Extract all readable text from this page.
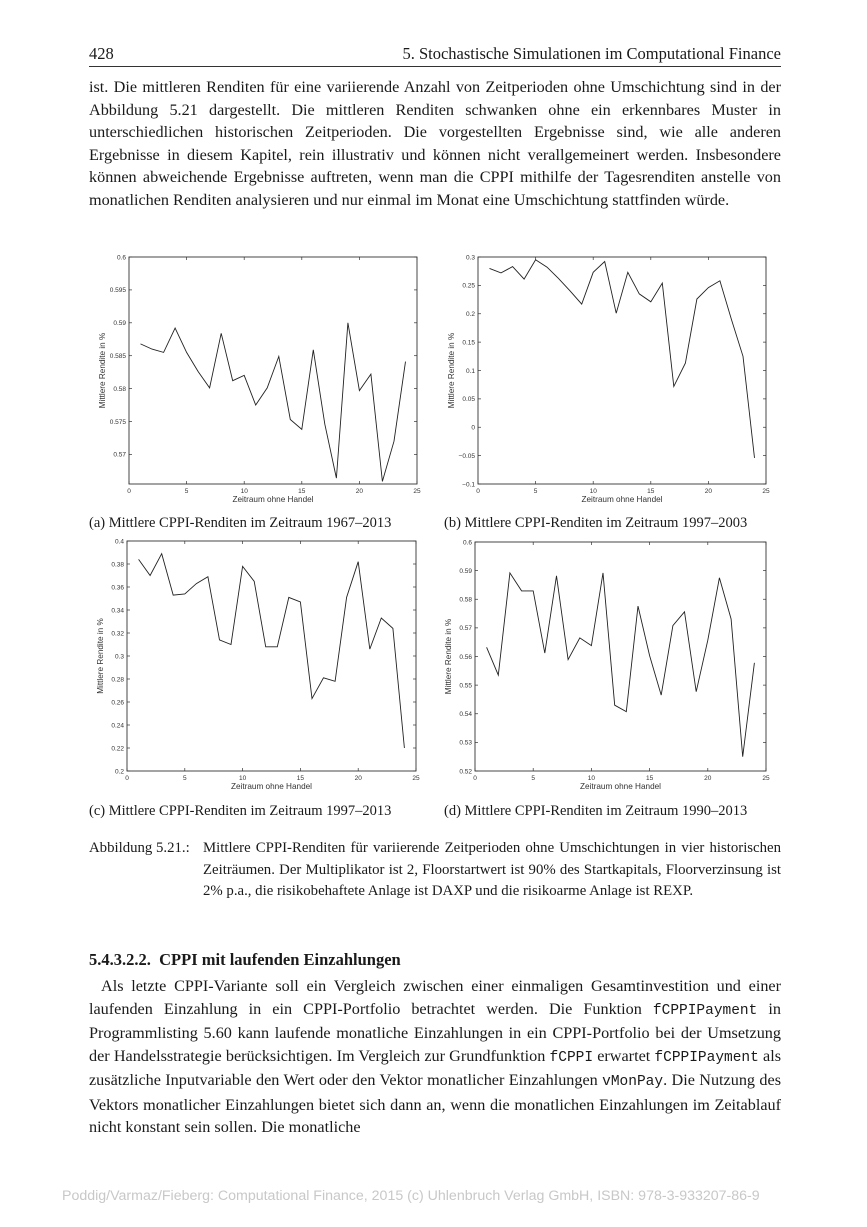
428	5. Stochastische Simulationen im Computational Finance

ist. Die mittleren Renditen für eine variierende Anzahl von Zeitperioden ohne Umschichtung sind in der Abbildung 5.21 dargestellt. Die mittleren Renditen schwanken ohne ein erkennbares Muster in unterschiedlichen historischen Zeitperioden. Die vorgestellten Ergebnisse sind, wie alle anderen Ergebnisse in diesem Kapitel, rein illustrativ und können nicht verallgemeinert werden. Insbesondere können abweichende Ergebnisse auftreten, wenn man die CPPI mithilfe der Tagesrenditen anstelle von monatlichen Renditen analysieren und nur einmal im Monat eine Umschichtung stattfinden würde.

0	5	10	15	20	25
0.57
0.575
0.58
0.585
0.59
0.595
0.6
Zeitraum ohne Handel
Mittlere Rendite in %
0	5	10	15	20	25
−0.1
−0.05
0
0.05
0.1
0.15
0.2
0.25
0.3
Zeitraum ohne Handel
Mittlere Rendite in %
0	5	10	15	20	25
0.2
0.22
0.24
0.26
0.28
0.3
0.32
0.34
0.36
0.38
0.4
Zeitraum ohne Handel
Mittlere Rendite in %
0	5	10	15	20	25
0.52
0.53
0.54
0.55
0.56
0.57
0.58
0.59
0.6
Zeitraum ohne Handel
Mittlere Rendite in %
(a) Mittlere CPPI-Renditen im Zeitraum 1967–2013	(b) Mittlere CPPI-Renditen im Zeitraum 1997–2003
(c) Mittlere CPPI-Renditen im Zeitraum 1997–2013	(d) Mittlere CPPI-Renditen im Zeitraum 1990–2013
Abbildung 5.21.: Mittlere CPPI-Renditen für variierende Zeitperioden ohne Umschichtungen in vier historischen Zeiträumen. Der Multiplikator ist 2, Floorstartwert ist 90% des Startkapitals, Floorverzinsung ist 2% p.a., die risikobehaftete Anlage ist DAXP und die risikoarme Anlage ist REXP.
5.4.3.2.2. CPPI mit laufenden Einzahlungen

Als letzte CPPI-Variante soll ein Vergleich zwischen einer einmaligen Gesamtinvestition und einer laufenden Einzahlung in ein CPPI-Portfolio betrachtet werden. Die Funktion fCPPIPayment in Programmlisting 5.60 kann laufende monatliche Einzahlungen in ein CPPI-Portfolio bei der Umsetzung der Handelsstrategie berücksichtigen. Im Vergleich zur Grundfunktion fCPPI erwartet fCPPIPayment als zusätzliche Inputvariable den Wert oder den Vektor monatlicher Einzahlungen vMonPay. Die Nutzung des Vektors monatlicher Einzahlungen bietet sich dann an, wenn die monatlichen Einzahlungen im Zeitablauf nicht konstant sein sollen. Die monatliche

Poddig/Varmaz/Fieberg: Computational Finance, 2015 (c) Uhlenbruch Verlag GmbH, ISBN: 978-3-933207-86-9
